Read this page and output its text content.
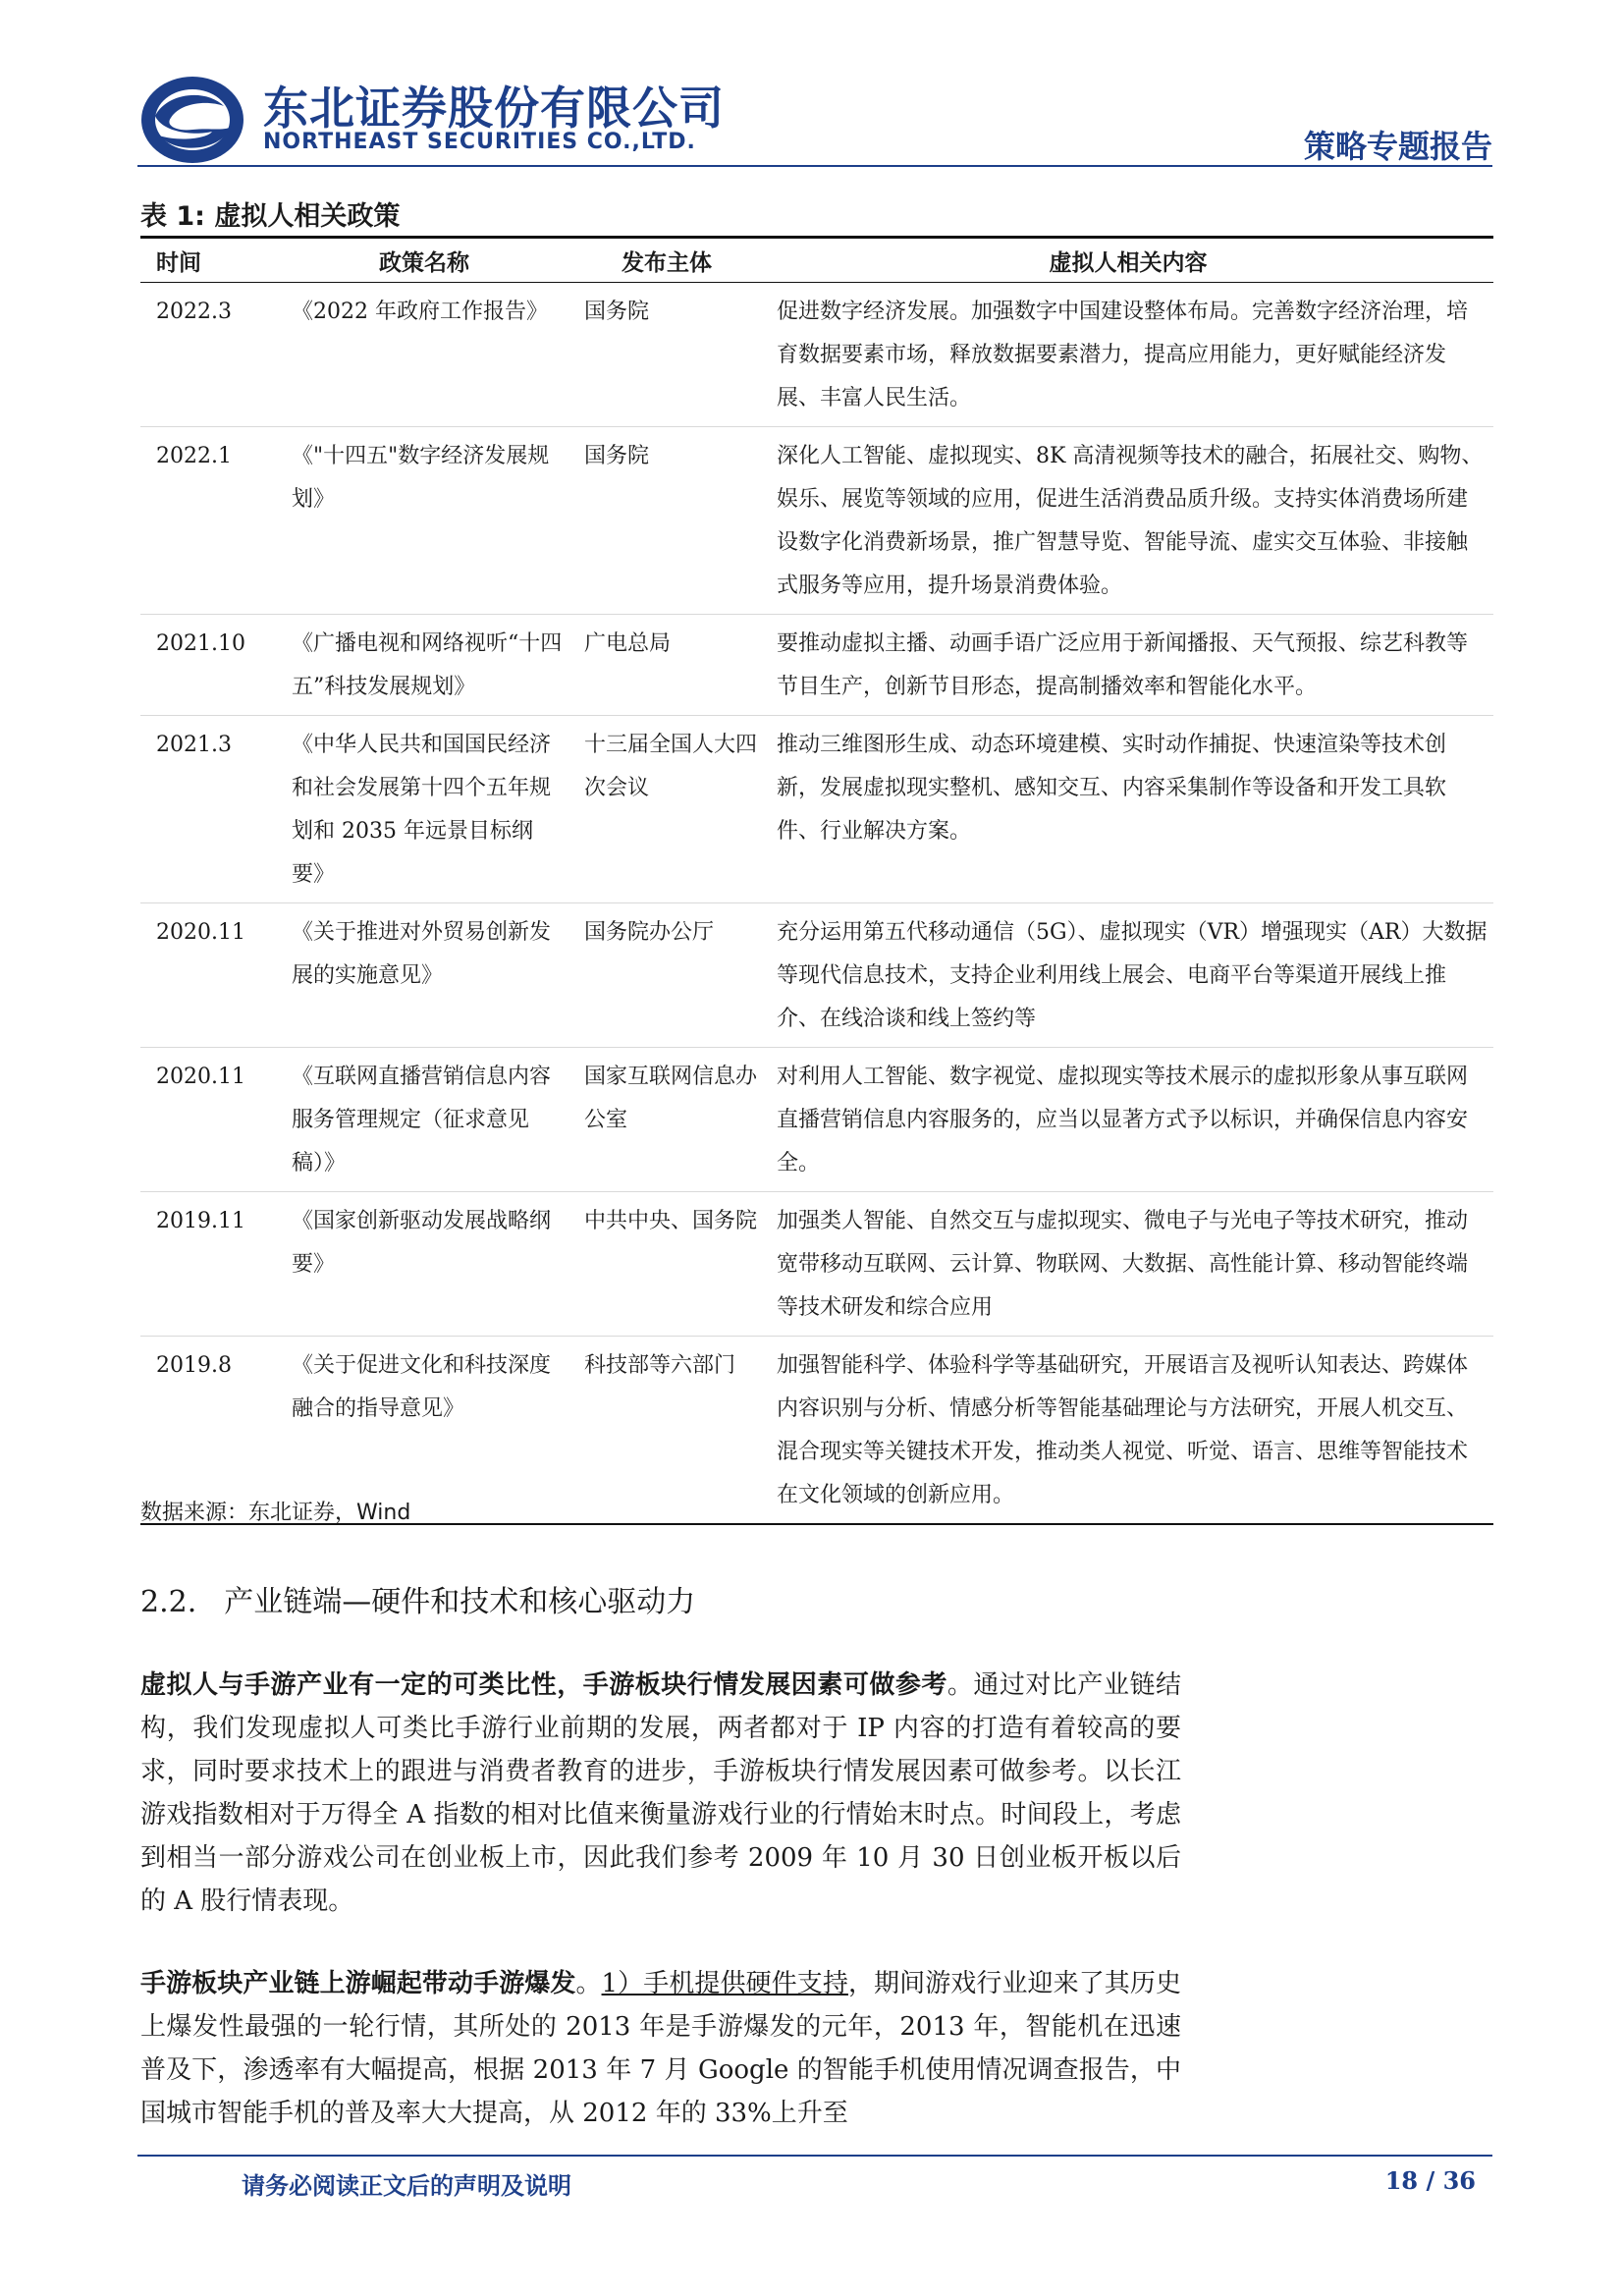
东北证券股份有限公司
NORTHEAST SECURITIES CO.,LTD.	策略专题报告
表 1: 虚拟人相关政策
时间	政策名称	发布主体	虚拟人相关内容
2022.3	《2022 年政府工作报告》	国务院	促进数字经济发展。加强数字中国建设整体布局。完善数字经济治理，培育数据要素市场，释放数据要素潜力，提高应用能力，更好赋能经济发展、丰富人民生活。
2022.1	《"十四五"数字经济发展规划》	国务院	深化人工智能、虚拟现实、8K 高清视频等技术的融合，拓展社交、购物、娱乐、展览等领域的应用，促进生活消费品质升级。支持实体消费场所建设数字化消费新场景，推广智慧导览、智能导流、虚实交互体验、非接触式服务等应用，提升场景消费体验。
2021.10	《广播电视和网络视听“十四五”科技发展规划》	广电总局	要推动虚拟主播、动画手语广泛应用于新闻播报、天气预报、综艺科教等节目生产，创新节目形态，提高制播效率和智能化水平。
2021.3	《中华人民共和国国民经济和社会发展第十四个五年规划和 2035 年远景目标纲要》	十三届全国人大四次会议	推动三维图形生成、动态环境建模、实时动作捕捉、快速渲染等技术创新，发展虚拟现实整机、感知交互、内容采集制作等设备和开发工具软件、行业解决方案。
2020.11	《关于推进对外贸易创新发展的实施意见》	国务院办公厅	充分运用第五代移动通信（5G）、虚拟现实（VR）增强现实（AR）大数据等现代信息技术，支持企业利用线上展会、电商平台等渠道开展线上推介、在线洽谈和线上签约等
2020.11	《互联网直播营销信息内容服务管理规定（征求意见稿）》	国家互联网信息办公室	对利用人工智能、数字视觉、虚拟现实等技术展示的虚拟形象从事互联网直播营销信息内容服务的，应当以显著方式予以标识，并确保信息内容安全。
2019.11	《国家创新驱动发展战略纲要》	中共中央、国务院	加强类人智能、自然交互与虚拟现实、微电子与光电子等技术研究，推动宽带移动互联网、云计算、物联网、大数据、高性能计算、移动智能终端等技术研发和综合应用
2019.8	《关于促进文化和科技深度融合的指导意见》	科技部等六部门	加强智能科学、体验科学等基础研究，开展语言及视听认知表达、跨媒体内容识别与分析、情感分析等智能基础理论与方法研究，开展人机交互、混合现实等关键技术开发，推动类人视觉、听觉、语言、思维等智能技术在文化领域的创新应用。
数据来源：东北证券，Wind
2.2. 产业链端—硬件和技术和核心驱动力
虚拟人与手游产业有一定的可类比性，手游板块行情发展因素可做参考。通过对比产业链结构，我们发现虚拟人可类比手游行业前期的发展，两者都对于 IP 内容的打造有着较高的要求，同时要求技术上的跟进与消费者教育的进步，手游板块行情发展因素可做参考。以长江游戏指数相对于万得全 A 指数的相对比值来衡量游戏行业的行情始末时点。时间段上，考虑到相当一部分游戏公司在创业板上市，因此我们参考 2009 年 10 月 30 日创业板开板以后的 A 股行情表现。
手游板块产业链上游崛起带动手游爆发。1）手机提供硬件支持，期间游戏行业迎来了其历史上爆发性最强的一轮行情，其所处的 2013 年是手游爆发的元年，2013 年，智能机在迅速普及下，渗透率有大幅提高，根据 2013 年 7 月 Google 的智能手机使用情况调查报告，中国城市智能手机的普及率大大提高，从 2012 年的 33%上升至
请务必阅读正文后的声明及说明	18 / 36
